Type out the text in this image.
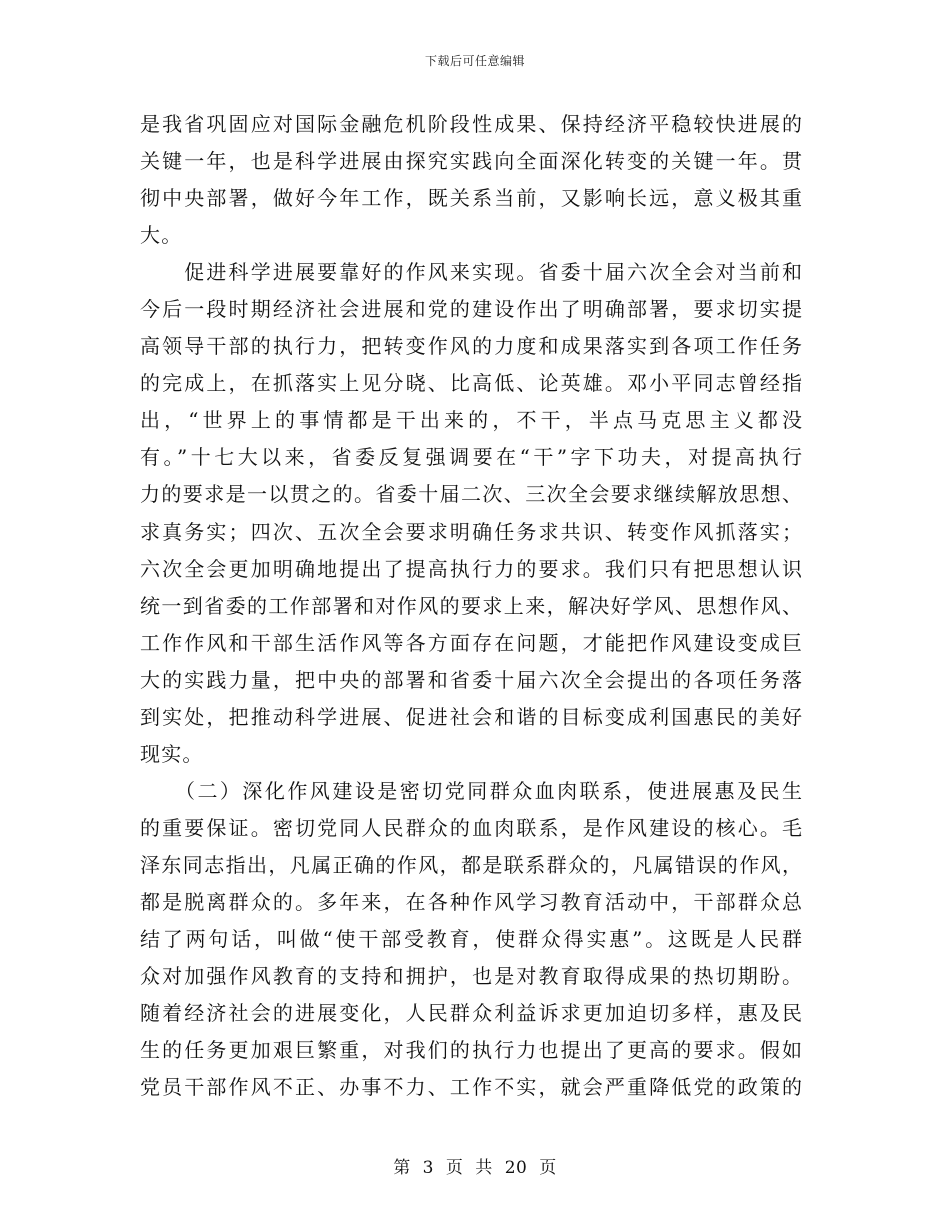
下载后可任意编辑
是我省巩固应对国际金融危机阶段性成果、保持经济平稳较快进展的
关键一年，也是科学进展由探究实践向全面深化转变的关键一年。贯
彻中央部署，做好今年工作，既关系当前，又影响长远，意义极其重
大。
　　促进科学进展要靠好的作风来实现。省委十届六次全会对当前和
今后一段时期经济社会进展和党的建设作出了明确部署，要求切实提
高领导干部的执行力，把转变作风的力度和成果落实到各项工作任务
的完成上，在抓落实上见分晓、比高低、论英雄。邓小平同志曾经指
出，“世界上的事情都是干出来的，不干，半点马克思主义都没
有。”十七大以来，省委反复强调要在“干”字下功夫，对提高执行
力的要求是一以贯之的。省委十届二次、三次全会要求继续解放思想、
求真务实；四次、五次全会要求明确任务求共识、转变作风抓落实；
六次全会更加明确地提出了提高执行力的要求。我们只有把思想认识
统一到省委的工作部署和对作风的要求上来，解决好学风、思想作风、
工作作风和干部生活作风等各方面存在问题，才能把作风建设变成巨
大的实践力量，把中央的部署和省委十届六次全会提出的各项任务落
到实处，把推动科学进展、促进社会和谐的目标变成利国惠民的美好
现实。
　　（二）深化作风建设是密切党同群众血肉联系，使进展惠及民生
的重要保证。密切党同人民群众的血肉联系，是作风建设的核心。毛
泽东同志指出，凡属正确的作风，都是联系群众的，凡属错误的作风，
都是脱离群众的。多年来，在各种作风学习教育活动中，干部群众总
结了两句话，叫做“使干部受教育，使群众得实惠”。这既是人民群
众对加强作风教育的支持和拥护，也是对教育取得成果的热切期盼。
随着经济社会的进展变化，人民群众利益诉求更加迫切多样，惠及民
生的任务更加艰巨繁重，对我们的执行力也提出了更高的要求。假如
党员干部作风不正、办事不力、工作不实，就会严重降低党的政策的
第 3 页 共 20 页
